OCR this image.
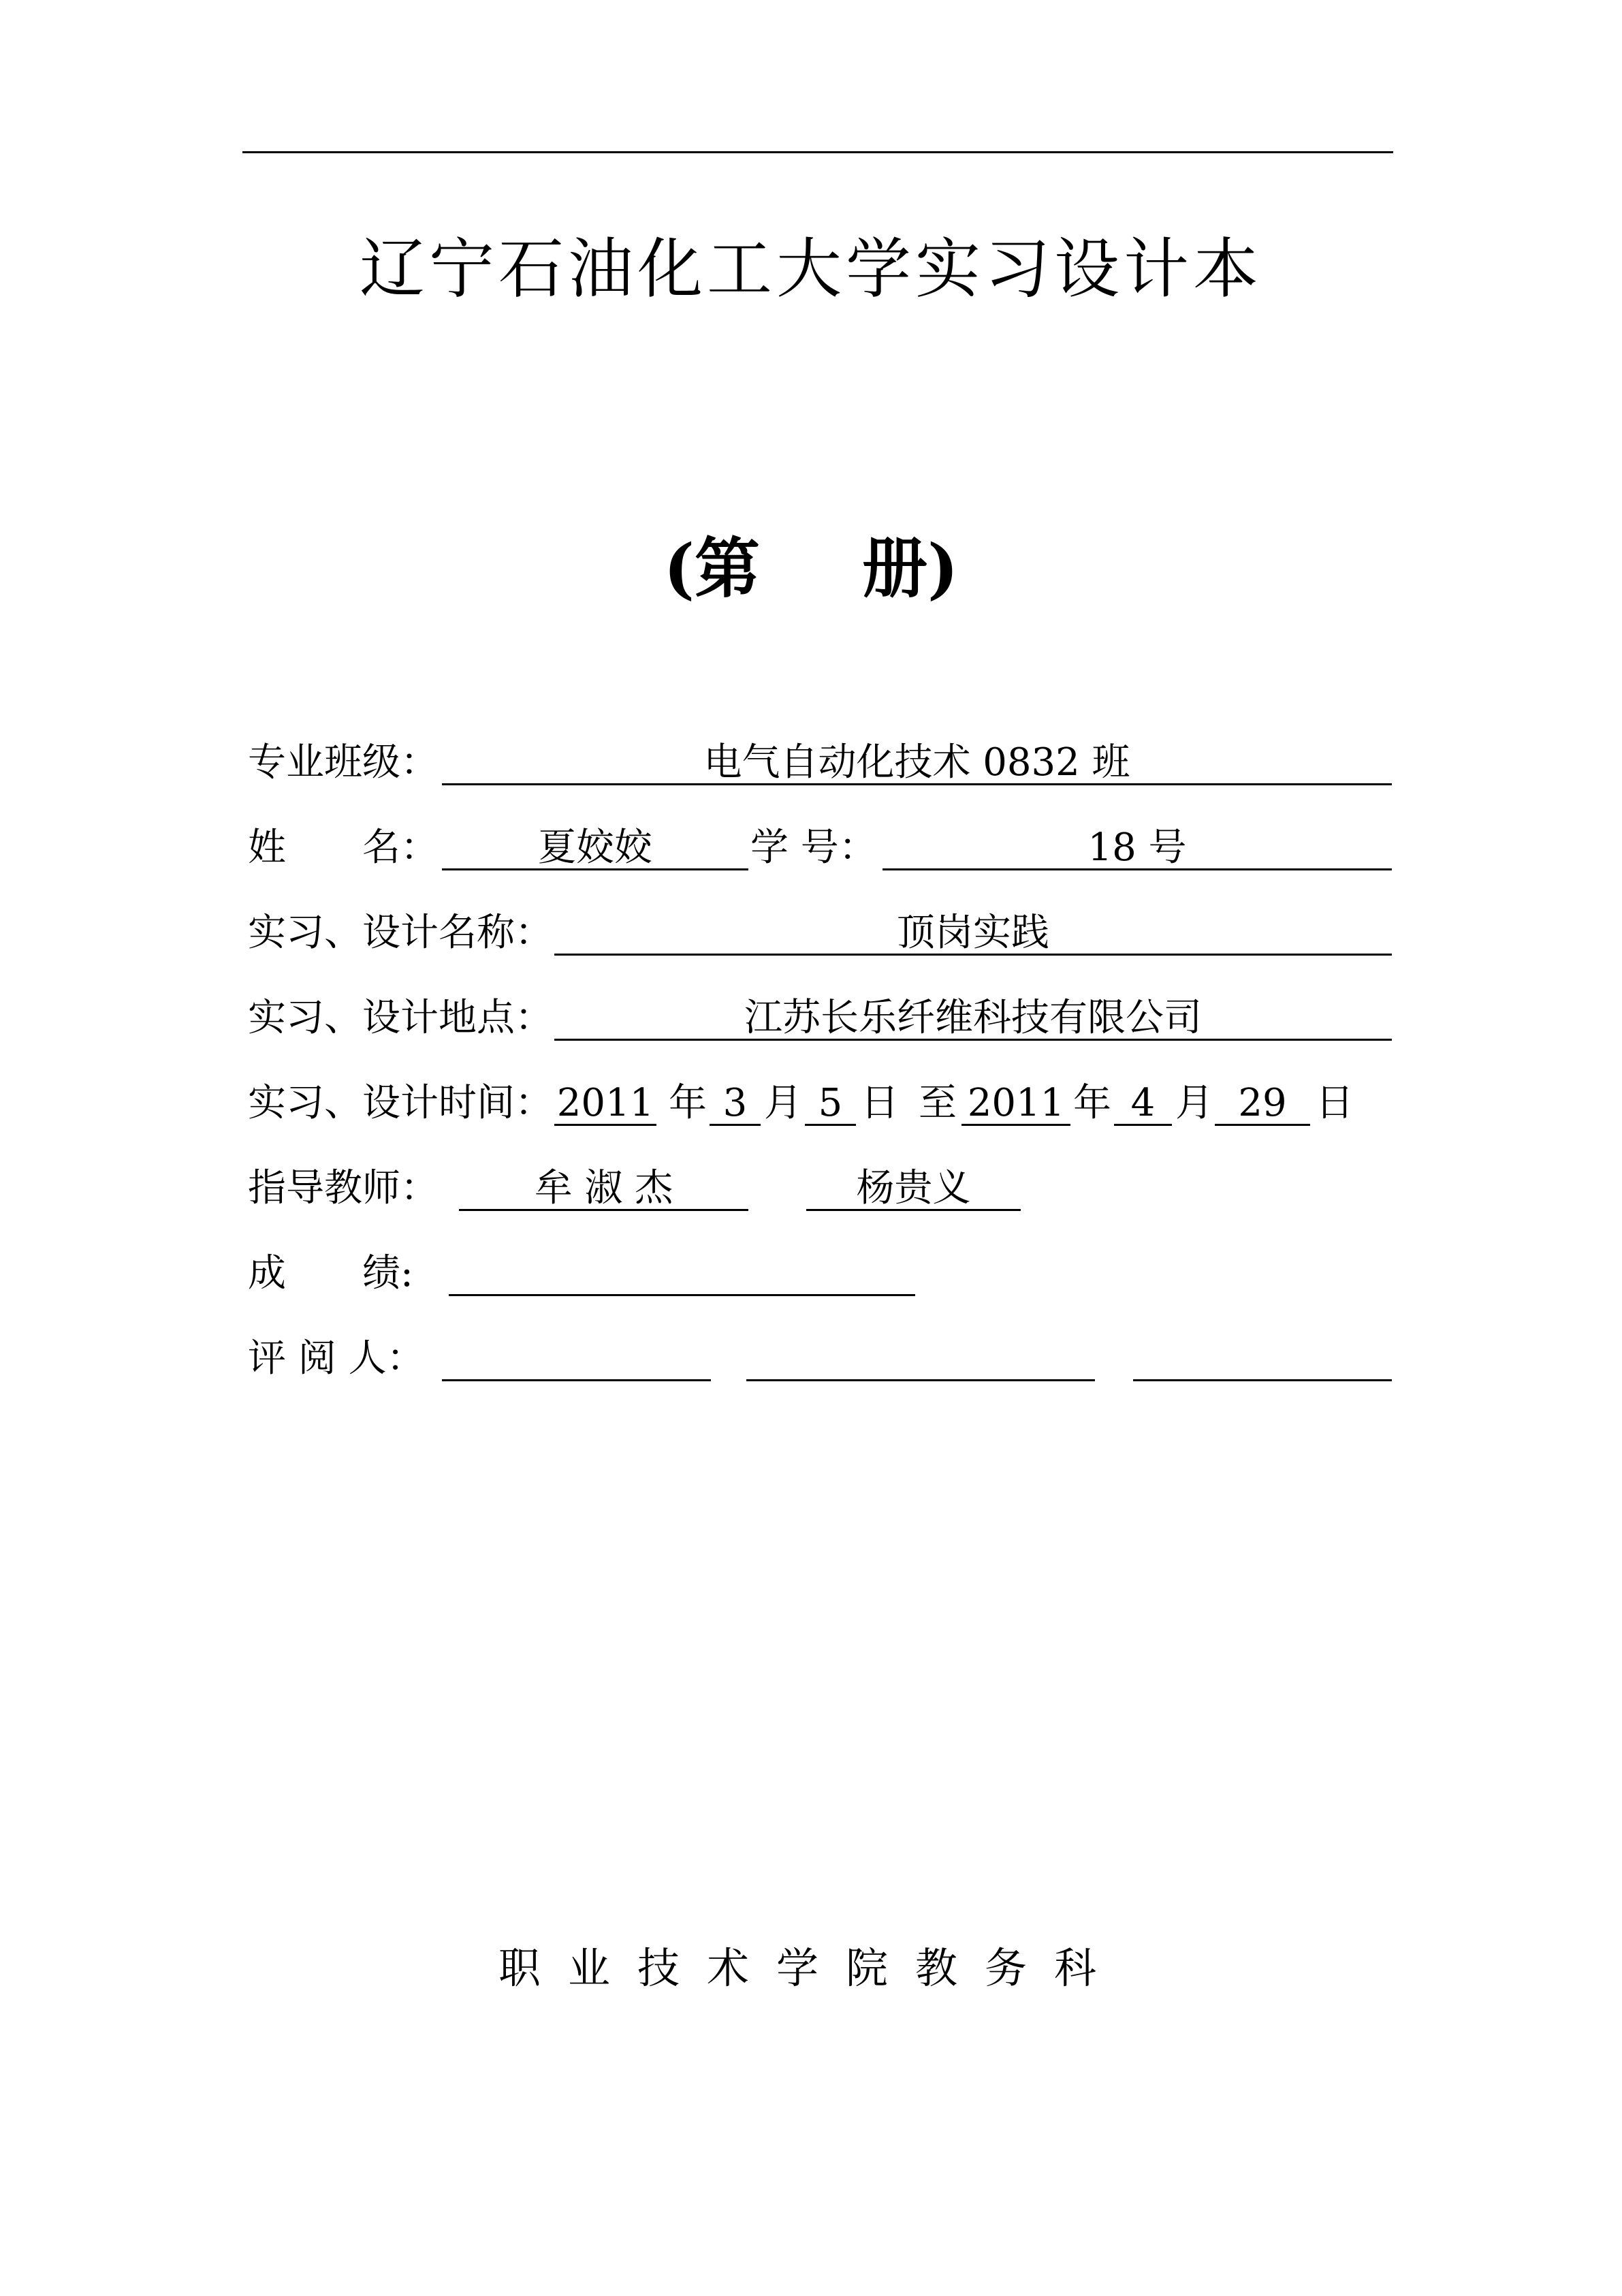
辽宁石油化工大学实习设计本
(第 册)
专业班级：	电气自动化技术 0832 班
姓　　名：	夏姣姣	学 号：	18 号
实习、设计名称：	顶岗实践
实习、设计地点：	江苏长乐纤维科技有限公司
实习、设计时间： 2011 年 3 月 5 日 至 2011 年 4 月 29 日
指导教师：	牟 淑 杰	杨贵义
成　　绩:
评 阅 人：
职业技术学院教务科
